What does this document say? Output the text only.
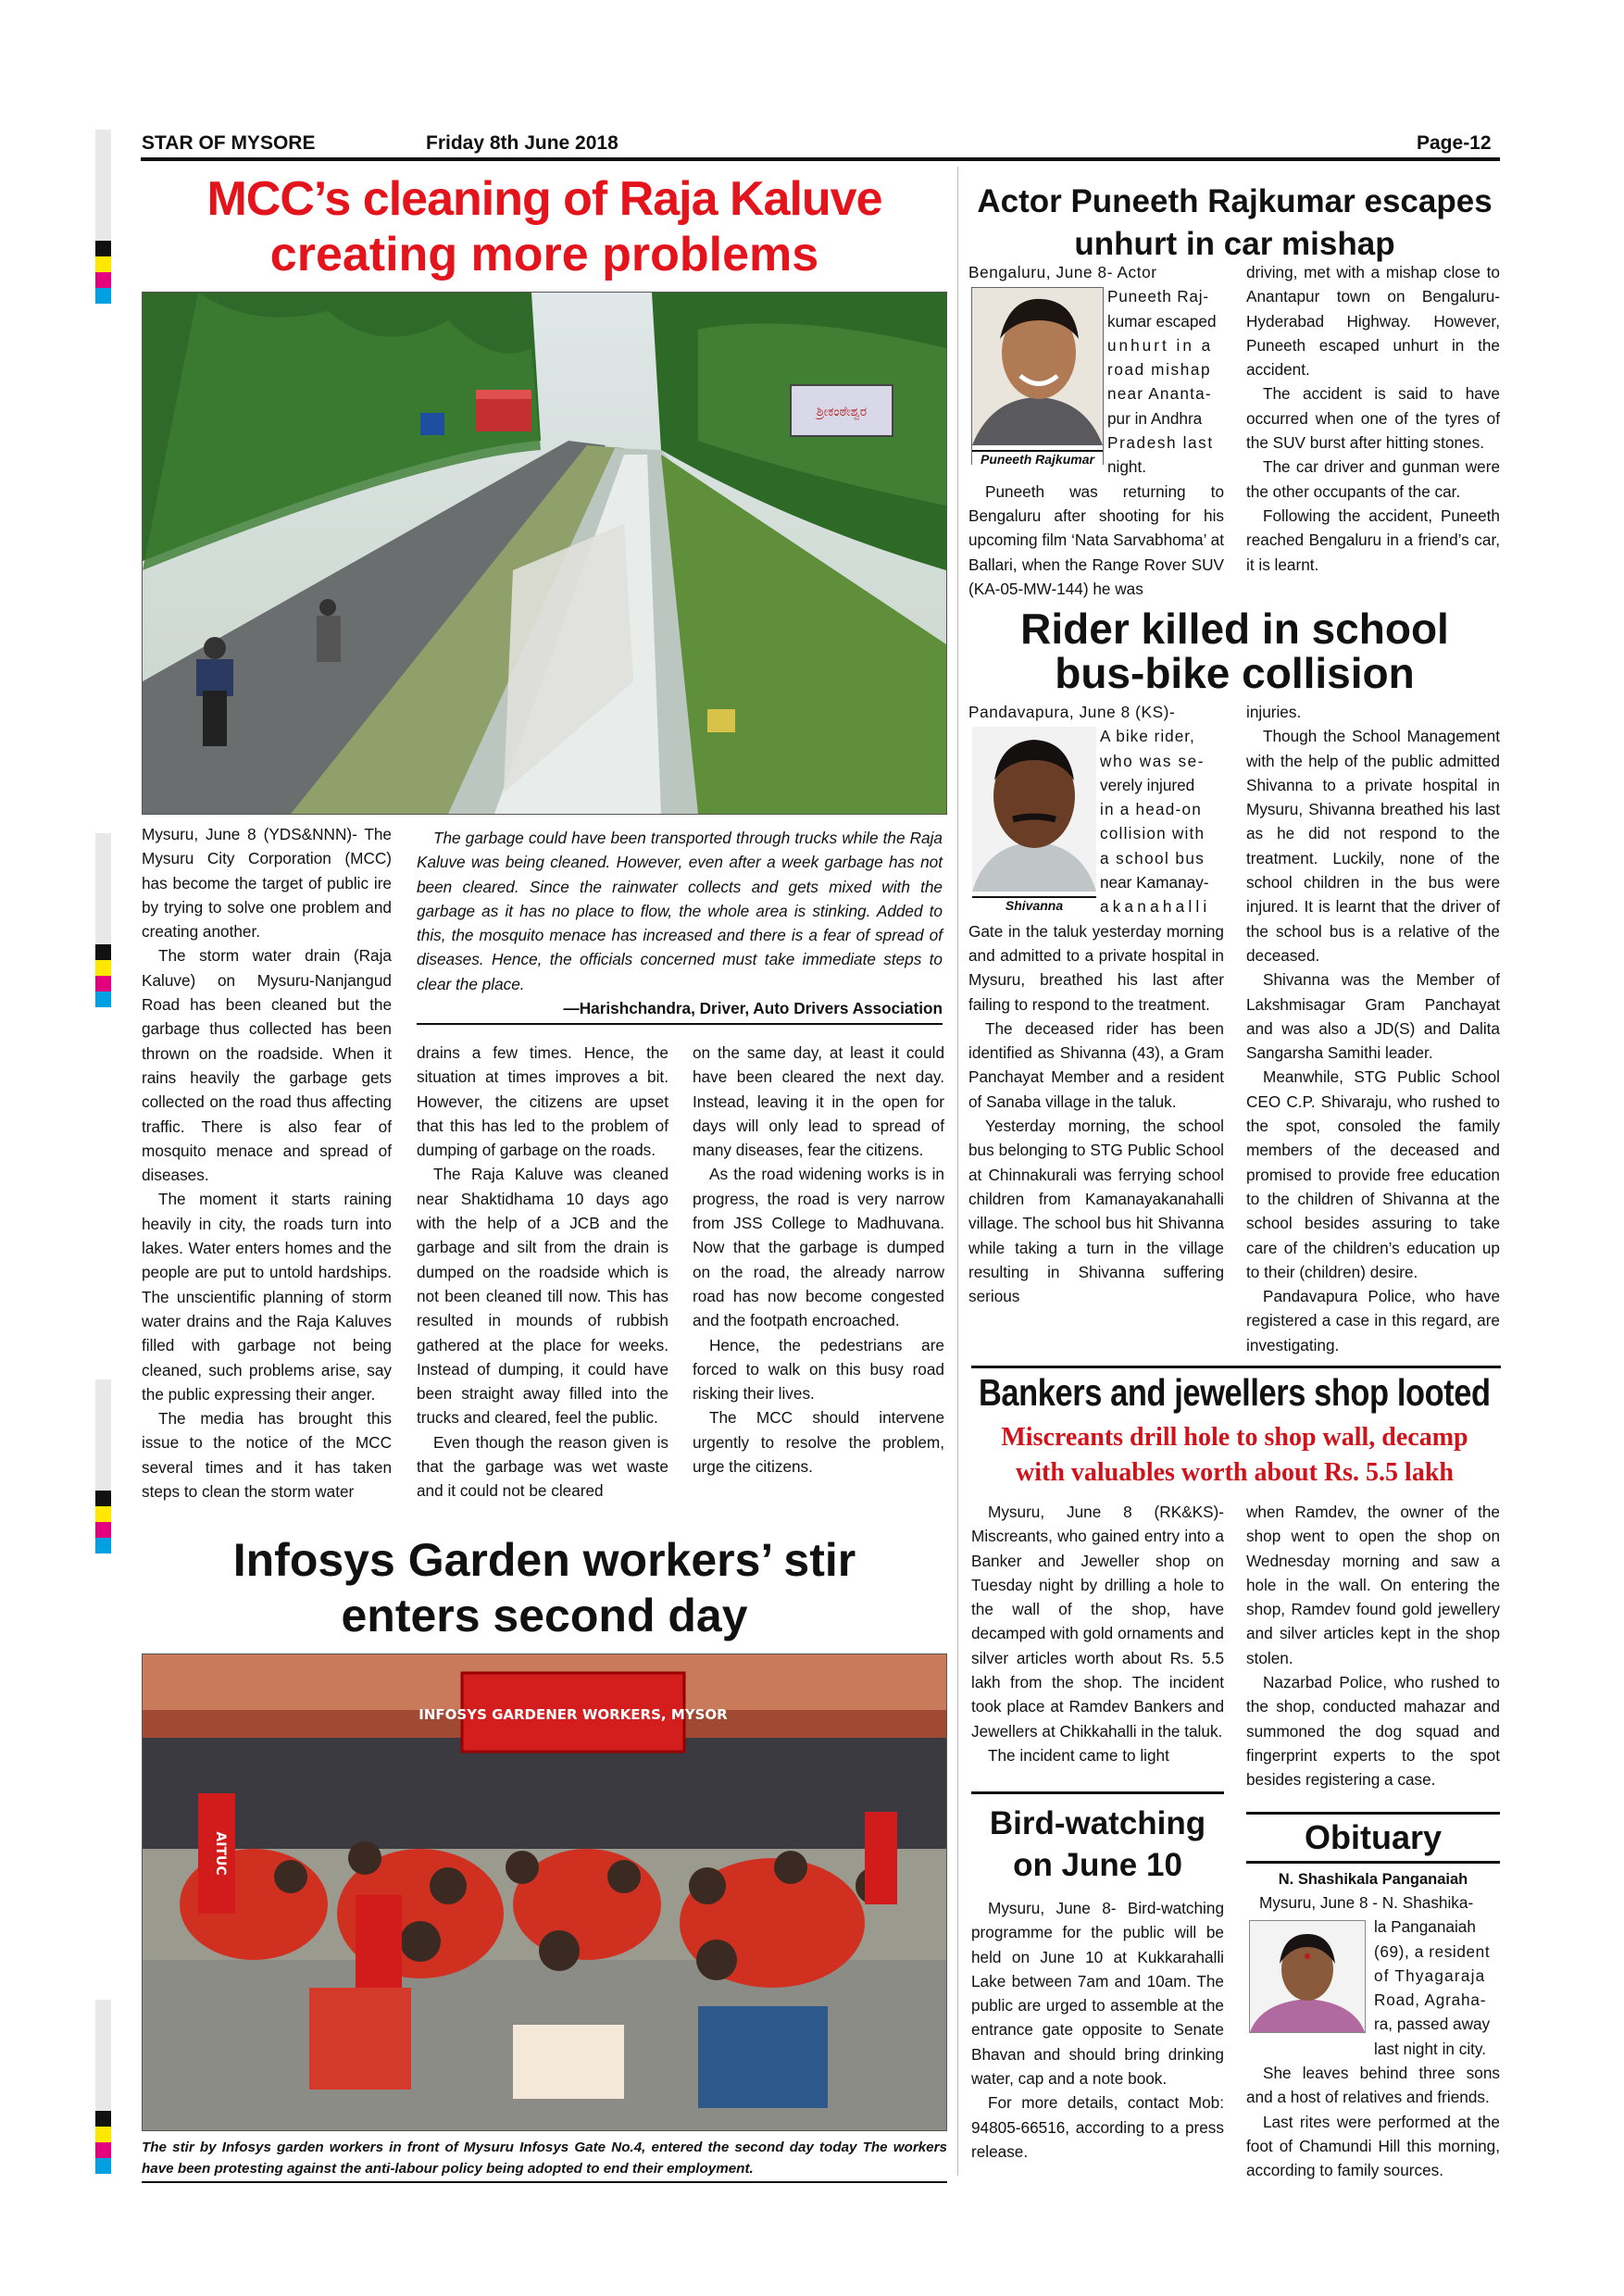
STAR OF MYSORE	Friday 8th June 2018	Page-12
MCC’s cleaning of Raja Kaluve
creating more problems
ಶ್ರೀಕಂಠೇಶ್ವರ

Mysuru, June 8 (YDS&NNN)- The Mysuru City Corporation (MCC) has become the target of public ire by trying to solve one problem and creating another.

The storm water drain (Raja Kaluve) on Mysuru-Nanjangud Road has been cleaned but the garbage thus collected has been thrown on the roadside. When it rains heavily the garbage gets collected on the road thus affecting traffic. There is also fear of mosquito menace and spread of diseases.

The moment it starts raining heavily in city, the roads turn into lakes. Water enters homes and the people are put to untold hardships. The unscientific planning of storm water drains and the Raja Kaluves filled with garbage not being cleaned, such problems arise, say the public expressing their anger.

The media has brought this issue to the notice of the MCC several times and it has taken steps to clean the storm water

The garbage could have been transported through trucks while the Raja Kaluve was being cleaned. However, even after a week garbage has not been cleared. Since the rainwater collects and gets mixed with the garbage as it has no place to flow, the whole area is stinking. Added to this, the mosquito menace has increased and there is a fear of spread of diseases. Hence, the officials concerned must take immediate steps to clear the place.
—Harishchandra, Driver, Auto Drivers Association

drains a few times. Hence, the situation at times improves a bit. However, the citizens are upset that this has led to the problem of dumping of garbage on the roads.

The Raja Kaluve was cleaned near Shaktidhama 10 days ago with the help of a JCB and the garbage and silt from the drain is dumped on the roadside which is not been cleaned till now. This has resulted in mounds of rubbish gathered at the place for weeks. Instead of dumping, it could have been straight away filled into the trucks and cleared, feel the public.

Even though the reason given is that the garbage was wet waste and it could not be cleared

on the same day, at least it could have been cleared the next day. Instead, leaving it in the open for days will only lead to spread of many diseases, fear the citizens.

As the road widening works is in progress, the road is very narrow from JSS College to Madhuvana. Now that the garbage is dumped on the road, the already narrow road has now become congested and the footpath encroached.

Hence, the pedestrians are forced to walk on this busy road risking their lives.

The MCC should intervene urgently to resolve the problem, urge the citizens.

Infosys Garden workers’ stir
enters second day
INFOSYS GARDENER WORKERS, MYSOR
AITUC
The stir by Infosys garden workers in front of Mysuru Infosys Gate No.4, entered the second day today The workers have been protesting against the anti-labour policy being adopted to end their employment.
Actor Puneeth Rajkumar escapes
unhurt in car mishap
Puneeth Rajkumar
Bengaluru, June 8- Actor
Puneeth Raj-
kumar escaped
unhurt in a
road mishap
near Ananta-
pur in Andhra
Pradesh last
night.

Puneeth was returning to Bengaluru after shooting for his upcoming film ‘Nata Sarvabhoma’ at Ballari, when the Range Rover SUV (KA-05-MW-144) he was

driving, met with a mishap close to Anantapur town on Bengaluru-Hyderabad Highway. However, Puneeth escaped unhurt in the accident.

The accident is said to have occurred when one of the tyres of the SUV burst after hitting stones.

The car driver and gunman were the other occupants of the car.

Following the accident, Puneeth reached Bengaluru in a friend’s car, it is learnt.

Rider killed in school
bus-bike collision
Shivanna
Pandavapura, June 8 (KS)-
A bike rider,
who was se-
verely injured
in a head-on
collision with
a school bus
near Kamanay-
akanahalli

Gate in the taluk yesterday morning and admitted to a private hospital in Mysuru, breathed his last after failing to respond to the treatment.

The deceased rider has been identified as Shivanna (43), a Gram Panchayat Member and a resident of Sanaba village in the taluk.

Yesterday morning, the school bus belonging to STG Public School at Chinnakurali was ferrying school children from Kamanayakanahalli village. The school bus hit Shivanna while taking a turn in the village resulting in Shivanna suffering serious

injuries.

Though the School Management with the help of the public admitted Shivanna to a private hospital in Mysuru, Shivanna breathed his last as he did not respond to the treatment. Luckily, none of the school children in the bus were injured. It is learnt that the driver of the school bus is a relative of the deceased.

Shivanna was the Member of Lakshmisagar Gram Panchayat and was also a JD(S) and Dalita Sangarsha Samithi leader.

Meanwhile, STG Public School CEO C.P. Shivaraju, who rushed to the spot, consoled the family members of the deceased and promised to provide free education to the children of Shivanna at the school besides assuring to take care of the children’s education up to their (children) desire.

Pandavapura Police, who have registered a case in this regard, are investigating.

Bankers and jewellers shop looted
Miscreants drill hole to shop wall, decamp
with valuables worth about Rs. 5.5 lakh

Mysuru, June 8 (RK&KS)- Miscreants, who gained entry into a Banker and Jeweller shop on Tuesday night by drilling a hole to the wall of the shop, have decamped with gold ornaments and silver articles worth about Rs. 5.5 lakh from the shop. The incident took place at Ramdev Bankers and Jewellers at Chikkahalli in the taluk.

The incident came to light

when Ramdev, the owner of the shop went to open the shop on Wednesday morning and saw a hole in the wall. On entering the shop, Ramdev found gold jewellery and silver articles kept in the shop stolen.

Nazarbad Police, who rushed to the shop, conducted mahazar and summoned the dog squad and fingerprint experts to the spot besides registering a case.

Bird-watching
on June 10

Mysuru, June 8- Bird-watching programme for the public will be held on June 10 at Kukkarahalli Lake between 7am and 10am. The public are urged to assemble at the entrance gate opposite to Senate Bhavan and should bring drinking water, cap and a note book.

For more details, contact Mob: 94805-66516, according to a press release.

Obituary
N. Shashikala Panganaiah
Mysuru, June 8 - N. Shashika-
la Panganaiah
(69), a resident
of Thyagaraja
Road, Agraha-
ra, passed away
last night in city.

She leaves behind three sons and a host of relatives and friends.

Last rites were performed at the foot of Chamundi Hill this morning, according to family sources.
